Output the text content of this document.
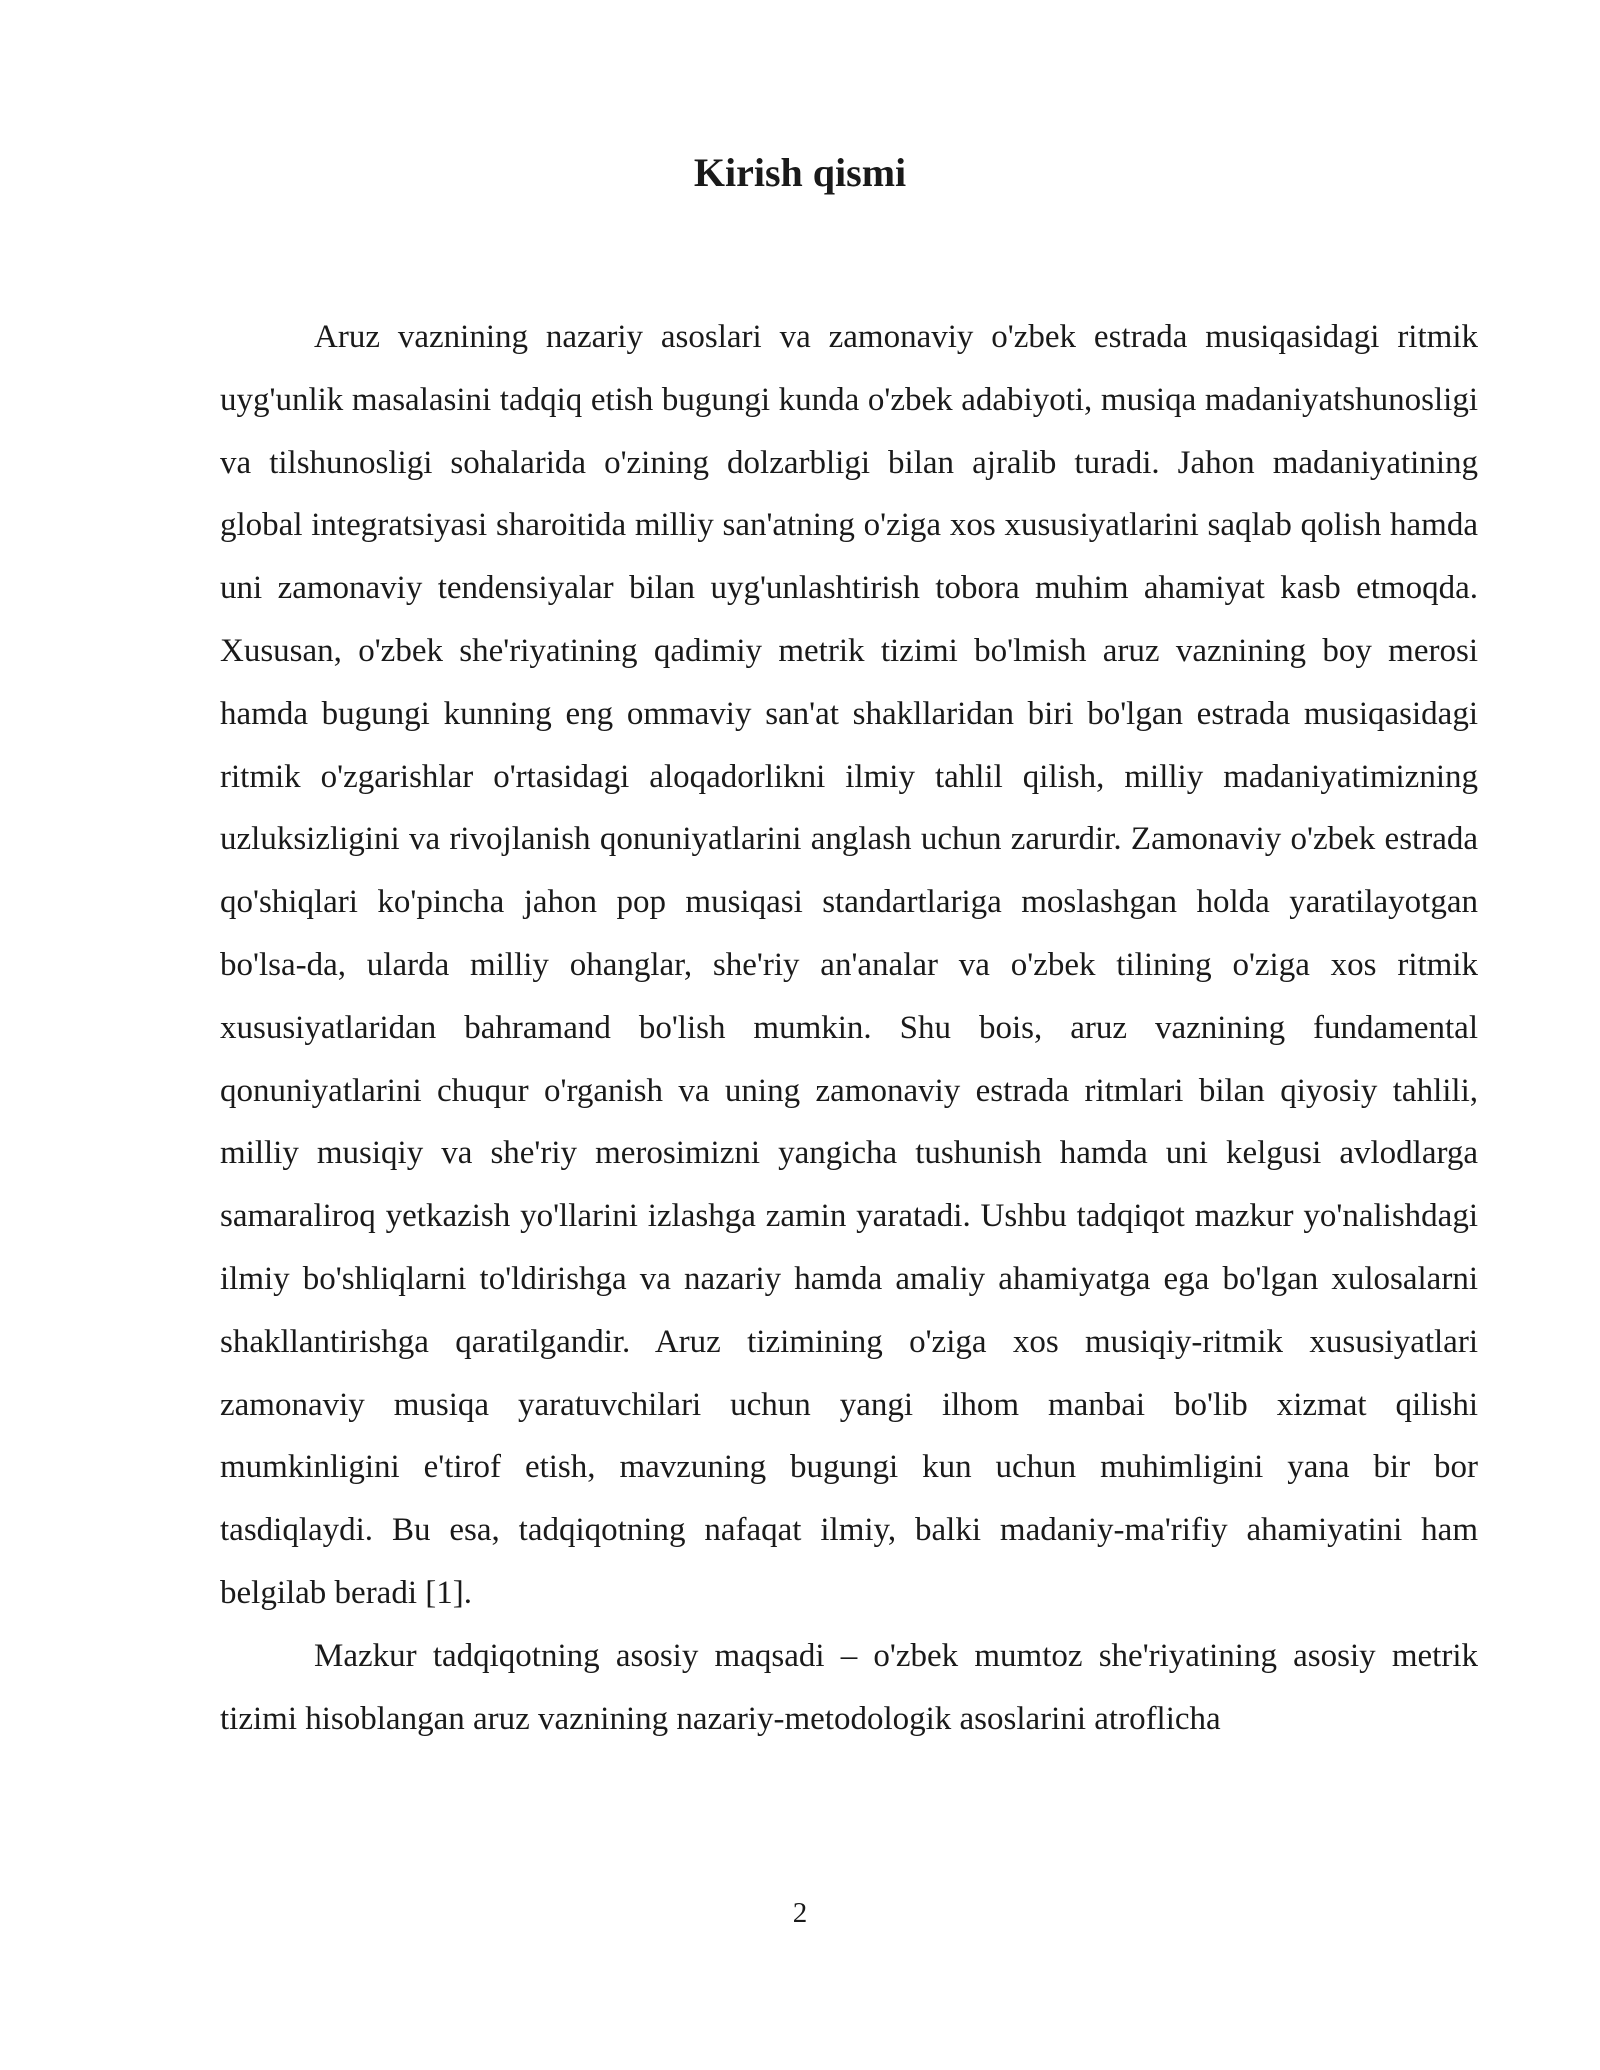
Kirish qismi

Aruz vaznining nazariy asoslari va zamonaviy o'zbek estrada musiqasidagi ritmik uyg'unlik masalasini tadqiq etish bugungi kunda o'zbek adabiyoti, musiqa madaniyatshunosligi va tilshunosligi sohalarida o'zining dolzarbligi bilan ajralib turadi. Jahon madaniyatining global integratsiyasi sharoitida milliy san'atning o'ziga xos xususiyatlarini saqlab qolish hamda uni zamonaviy tendensiyalar bilan uyg'unlashtirish tobora muhim ahamiyat kasb etmoqda. Xususan, o'zbek she'riyatining qadimiy metrik tizimi bo'lmish aruz vaznining boy merosi hamda bugungi kunning eng ommaviy san'at shakllaridan biri bo'lgan estrada musiqasidagi ritmik o'zgarishlar o'rtasidagi aloqadorlikni ilmiy tahlil qilish, milliy madaniyatimizning uzluksizligini va rivojlanish qonuniyatlarini anglash uchun zarurdir. Zamonaviy o'zbek estrada qo'shiqlari ko'pincha jahon pop musiqasi standartlariga moslashgan holda yaratilayotgan bo'lsa-da, ularda milliy ohanglar, she'riy an'analar va o'zbek tilining o'ziga xos ritmik xususiyatlaridan bahramand bo'lish mumkin. Shu bois, aruz vaznining fundamental qonuniyatlarini chuqur o'rganish va uning zamonaviy estrada ritmlari bilan qiyosiy tahlili, milliy musiqiy va she'riy merosimizni yangicha tushunish hamda uni kelgusi avlodlarga samaraliroq yetkazish yo'llarini izlashga zamin yaratadi. Ushbu tadqiqot mazkur yo'nalishdagi ilmiy bo'shliqlarni to'ldirishga va nazariy hamda amaliy ahamiyatga ega bo'lgan xulosalarni shakllantirishga qaratilgandir. Aruz tizimining o'ziga xos musiqiy-ritmik xususiyatlari zamonaviy musiqa yaratuvchilari uchun yangi ilhom manbai bo'lib xizmat qilishi mumkinligini e'tirof etish, mavzuning bugungi kun uchun muhimligini yana bir bor tasdiqlaydi. Bu esa, tadqiqotning nafaqat ilmiy, balki madaniy-ma'rifiy ahamiyatini ham belgilab beradi [1].

Mazkur tadqiqotning asosiy maqsadi – o'zbek mumtoz she'riyatining asosiy metrik tizimi hisoblangan aruz vaznining nazariy-metodologik asoslarini atroflicha

2
